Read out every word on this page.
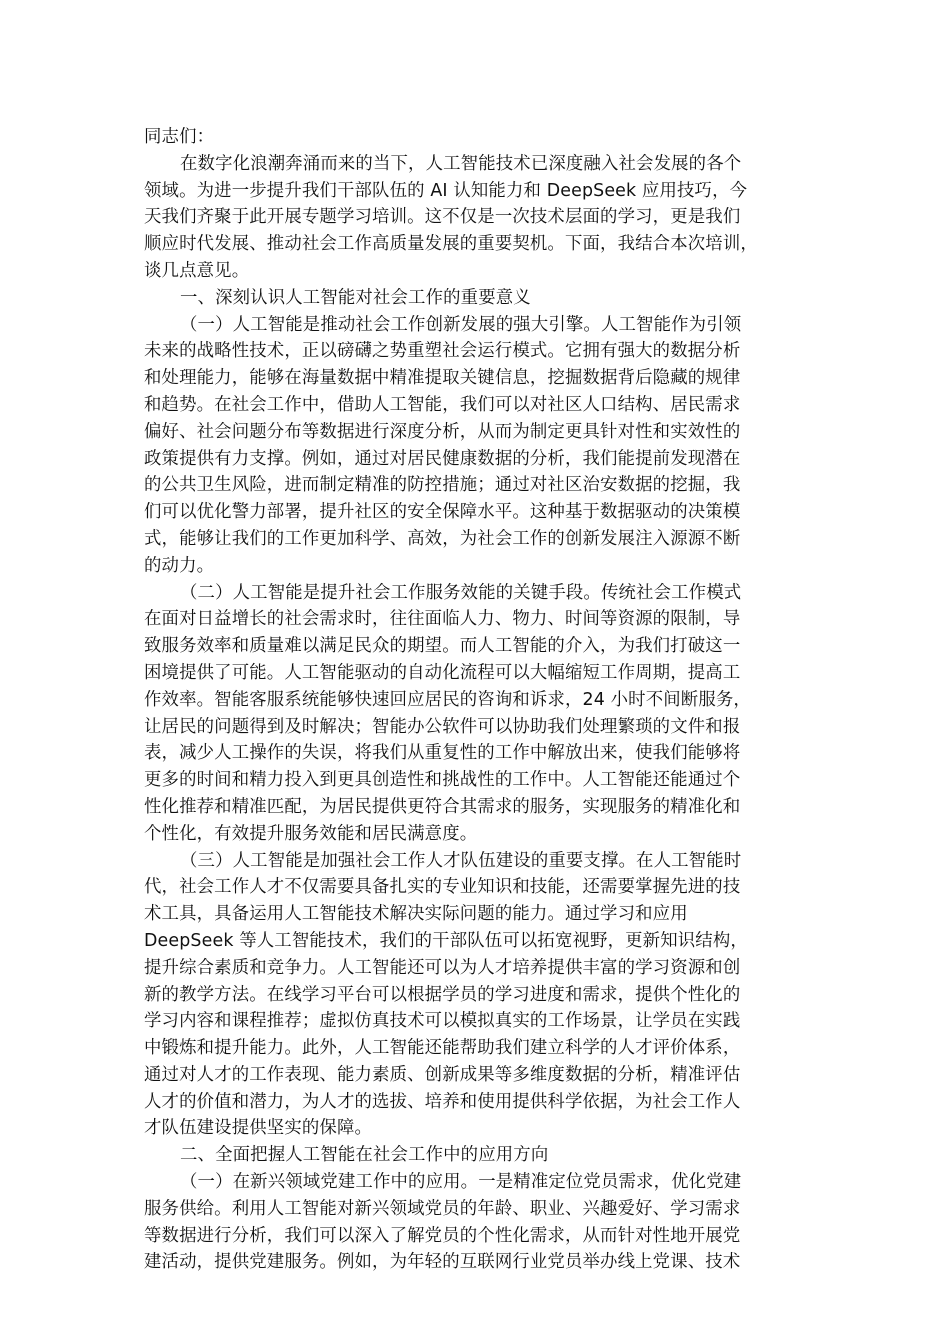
同志们：
在数字化浪潮奔涌而来的当下，人工智能技术已深度融入社会发展的各个
领域。为进一步提升我们干部队伍的 AI 认知能力和 DeepSeek 应用技巧，今
天我们齐聚于此开展专题学习培训。这不仅是一次技术层面的学习，更是我们
顺应时代发展、推动社会工作高质量发展的重要契机。下面，我结合本次培训，
谈几点意见。
一、深刻认识人工智能对社会工作的重要意义
（一）人工智能是推动社会工作创新发展的强大引擎。人工智能作为引领
未来的战略性技术，正以磅礴之势重塑社会运行模式。它拥有强大的数据分析
和处理能力，能够在海量数据中精准提取关键信息，挖掘数据背后隐藏的规律
和趋势。在社会工作中，借助人工智能，我们可以对社区人口结构、居民需求
偏好、社会问题分布等数据进行深度分析，从而为制定更具针对性和实效性的
政策提供有力支撑。例如，通过对居民健康数据的分析，我们能提前发现潜在
的公共卫生风险，进而制定精准的防控措施；通过对社区治安数据的挖掘，我
们可以优化警力部署，提升社区的安全保障水平。这种基于数据驱动的决策模
式，能够让我们的工作更加科学、高效，为社会工作的创新发展注入源源不断
的动力。
（二）人工智能是提升社会工作服务效能的关键手段。传统社会工作模式
在面对日益增长的社会需求时，往往面临人力、物力、时间等资源的限制，导
致服务效率和质量难以满足民众的期望。而人工智能的介入，为我们打破这一
困境提供了可能。人工智能驱动的自动化流程可以大幅缩短工作周期，提高工
作效率。智能客服系统能够快速回应居民的咨询和诉求，24 小时不间断服务，
让居民的问题得到及时解决；智能办公软件可以协助我们处理繁琐的文件和报
表，减少人工操作的失误，将我们从重复性的工作中解放出来，使我们能够将
更多的时间和精力投入到更具创造性和挑战性的工作中。人工智能还能通过个
性化推荐和精准匹配，为居民提供更符合其需求的服务，实现服务的精准化和
个性化，有效提升服务效能和居民满意度。
（三）人工智能是加强社会工作人才队伍建设的重要支撑。在人工智能时
代，社会工作人才不仅需要具备扎实的专业知识和技能，还需要掌握先进的技
术工具，具备运用人工智能技术解决实际问题的能力。通过学习和应用
DeepSeek 等人工智能技术，我们的干部队伍可以拓宽视野，更新知识结构，
提升综合素质和竞争力。人工智能还可以为人才培养提供丰富的学习资源和创
新的教学方法。在线学习平台可以根据学员的学习进度和需求，提供个性化的
学习内容和课程推荐；虚拟仿真技术可以模拟真实的工作场景，让学员在实践
中锻炼和提升能力。此外，人工智能还能帮助我们建立科学的人才评价体系，
通过对人才的工作表现、能力素质、创新成果等多维度数据的分析，精准评估
人才的价值和潜力，为人才的选拔、培养和使用提供科学依据，为社会工作人
才队伍建设提供坚实的保障。
二、全面把握人工智能在社会工作中的应用方向
（一）在新兴领域党建工作中的应用。一是精准定位党员需求，优化党建
服务供给。利用人工智能对新兴领域党员的年龄、职业、兴趣爱好、学习需求
等数据进行分析，我们可以深入了解党员的个性化需求，从而针对性地开展党
建活动，提供党建服务。例如，为年轻的互联网行业党员举办线上党课、技术
